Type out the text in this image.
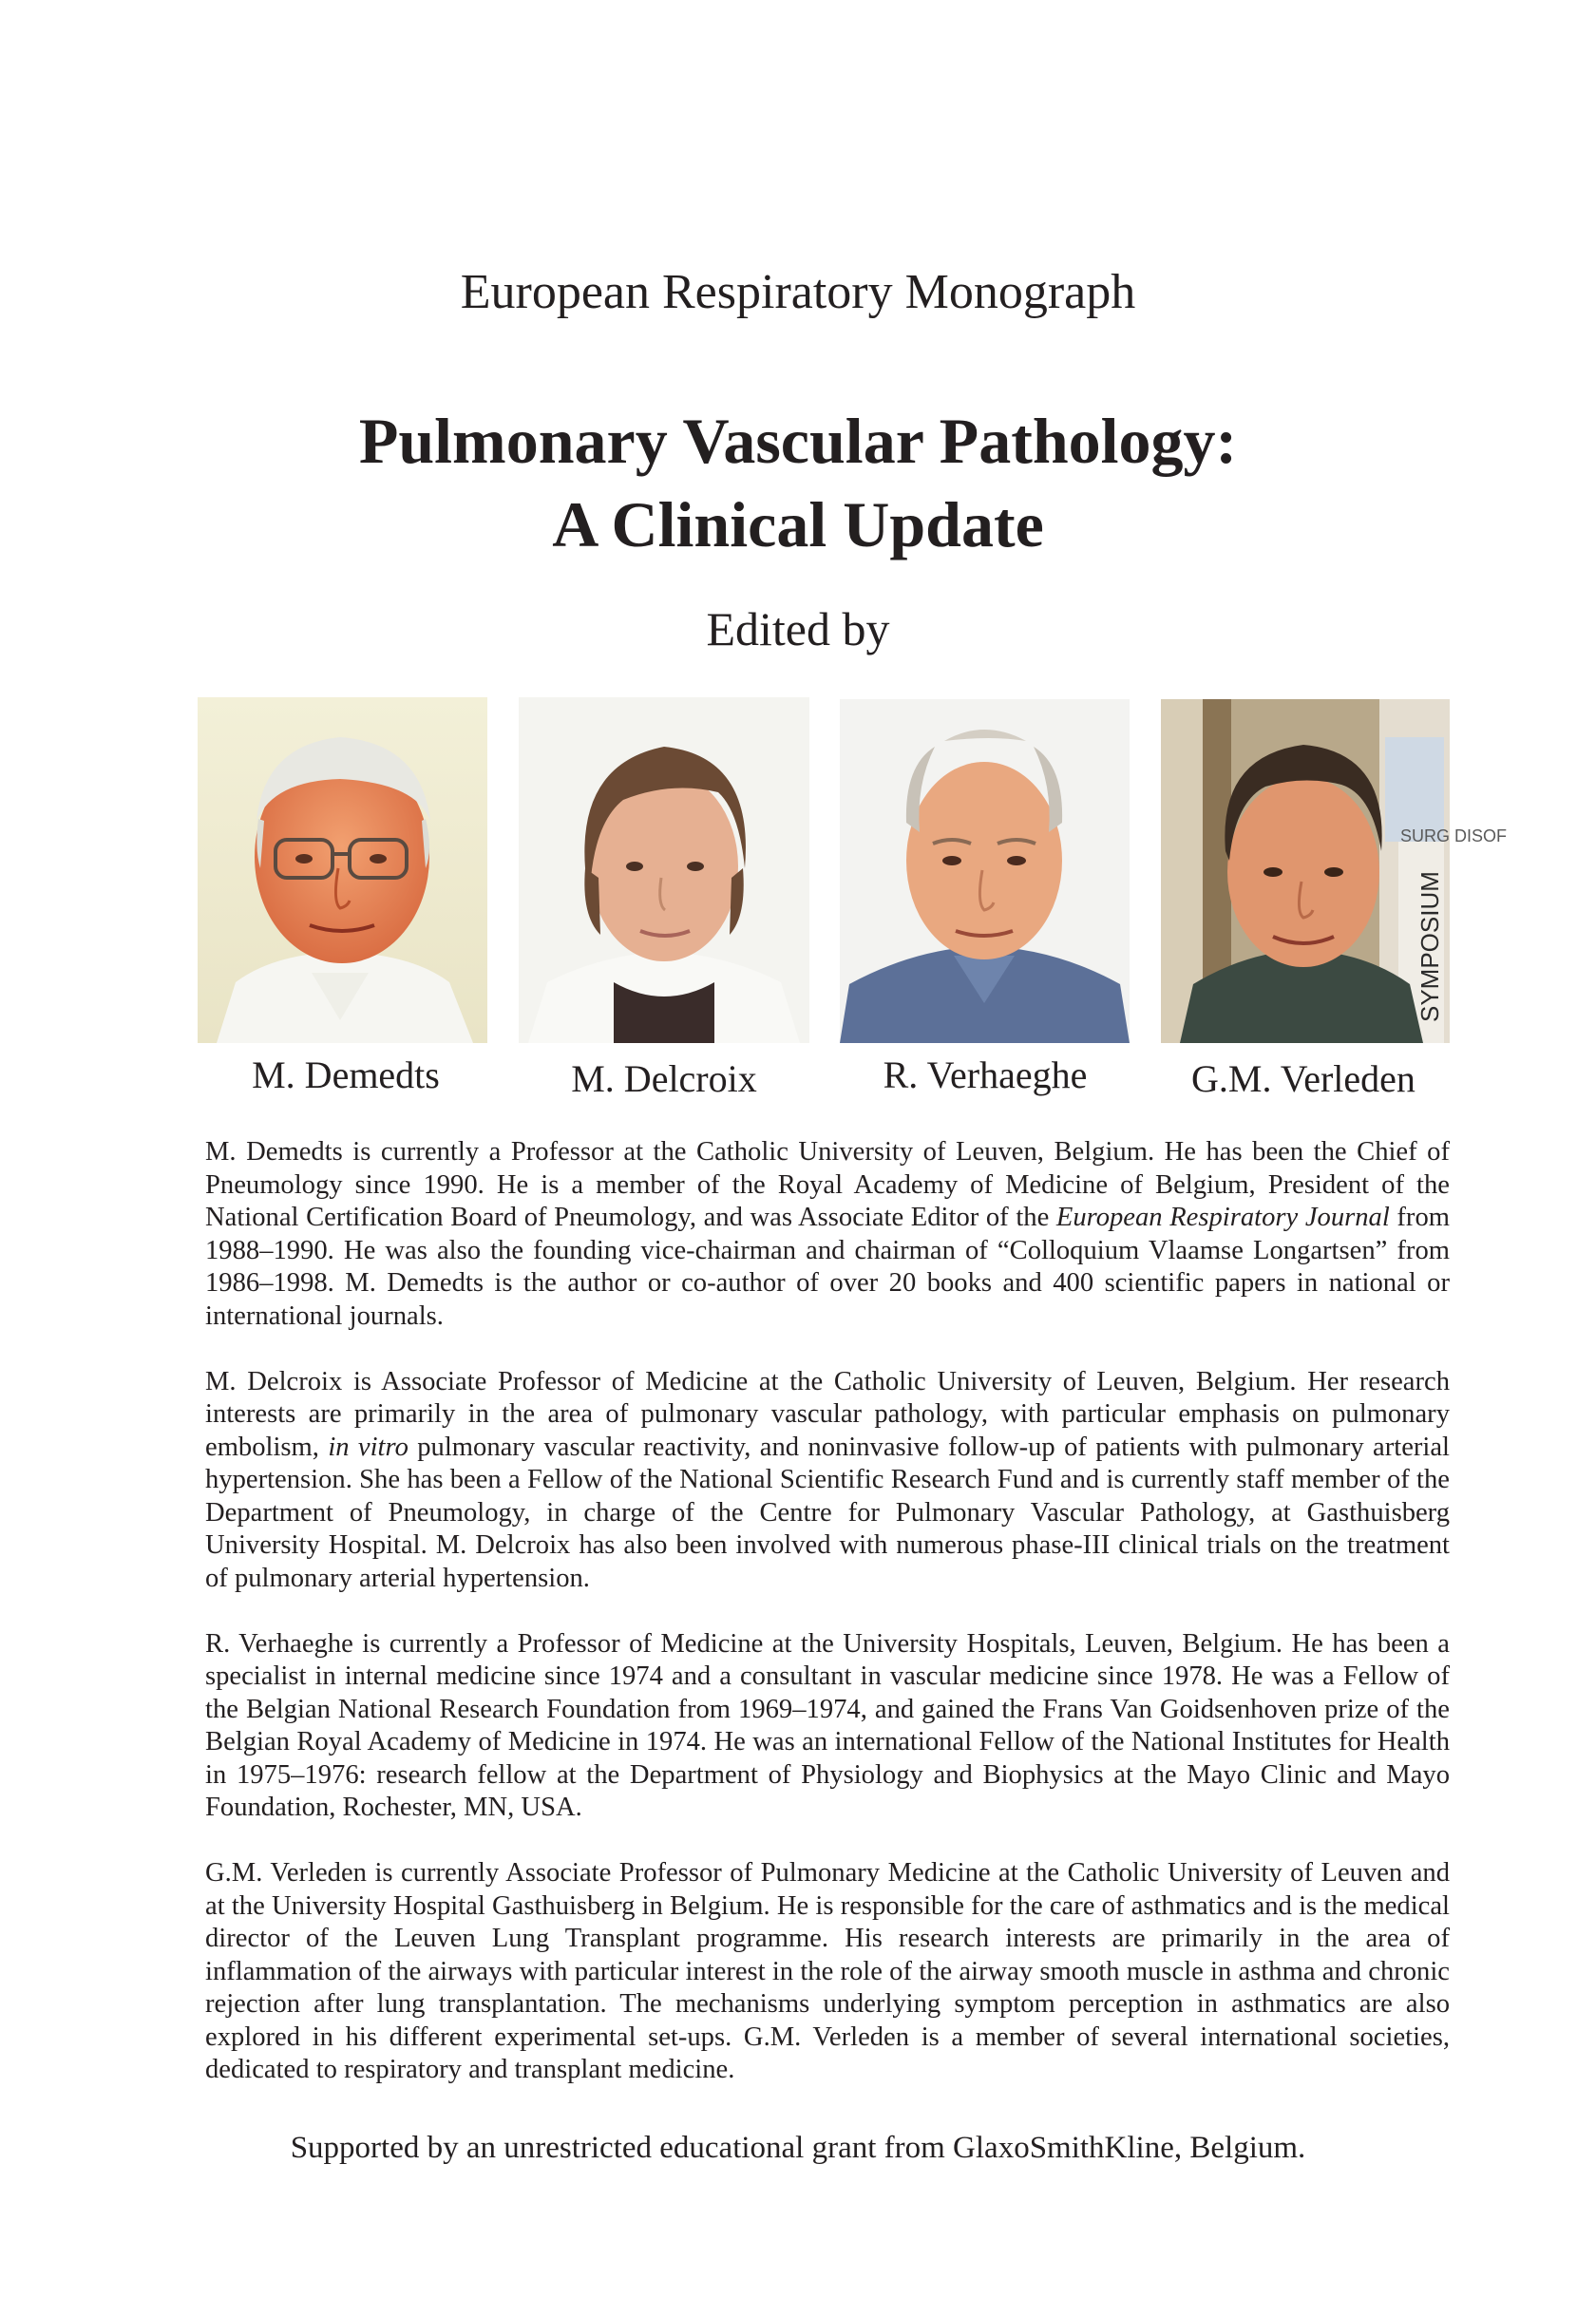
European Respiratory Monograph
Pulmonary Vascular Pathology:
A Clinical Update
Edited by
SYMPOSIUM
SURG DISOF
M. Demedts	M. Delcroix	R. Verhaeghe	G.M. Verleden

M. Demedts is currently a Professor at the Catholic University of Leuven, Belgium. He has been the Chief of Pneumology since 1990. He is a member of the Royal Academy of Medicine of Belgium, President of the National Certification Board of Pneumology, and was Associate Editor of the European Respiratory Journal from 1988–1990. He was also the founding vice-chairman and chairman of “Colloquium Vlaamse Longartsen” from 1986–1998. M. Demedts is the author or co-author of over 20 books and 400 scientific papers in national or international journals.

M. Delcroix is Associate Professor of Medicine at the Catholic University of Leuven, Belgium. Her research interests are primarily in the area of pulmonary vascular pathology, with particular emphasis on pulmonary embolism, in vitro pulmonary vascular reactivity, and noninvasive follow-up of patients with pulmonary arterial hypertension. She has been a Fellow of the National Scientific Research Fund and is currently staff member of the Department of Pneumology, in charge of the Centre for Pulmonary Vascular Pathology, at Gasthuisberg University Hospital. M. Delcroix has also been involved with numerous phase-III clinical trials on the treatment of pulmonary arterial hypertension.

R. Verhaeghe is currently a Professor of Medicine at the University Hospitals, Leuven, Belgium. He has been a specialist in internal medicine since 1974 and a consultant in vascular medicine since 1978. He was a Fellow of the Belgian National Research Foundation from 1969–1974, and gained the Frans Van Goidsenhoven prize of the Belgian Royal Academy of Medicine in 1974. He was an international Fellow of the National Institutes for Health in 1975–1976: research fellow at the Department of Physiology and Biophysics at the Mayo Clinic and Mayo Foundation, Rochester, MN, USA.

G.M. Verleden is currently Associate Professor of Pulmonary Medicine at the Catholic University of Leuven and at the University Hospital Gasthuisberg in Belgium. He is responsible for the care of asthmatics and is the medical director of the Leuven Lung Transplant programme. His research interests are primarily in the area of inflammation of the airways with particular interest in the role of the airway smooth muscle in asthma and chronic rejection after lung transplantation. The mechanisms underlying symptom perception in asthmatics are also explored in his different experimental set-ups. G.M. Verleden is a member of several international societies, dedicated to respiratory and transplant medicine.

Supported by an unrestricted educational grant from GlaxoSmithKline, Belgium.
